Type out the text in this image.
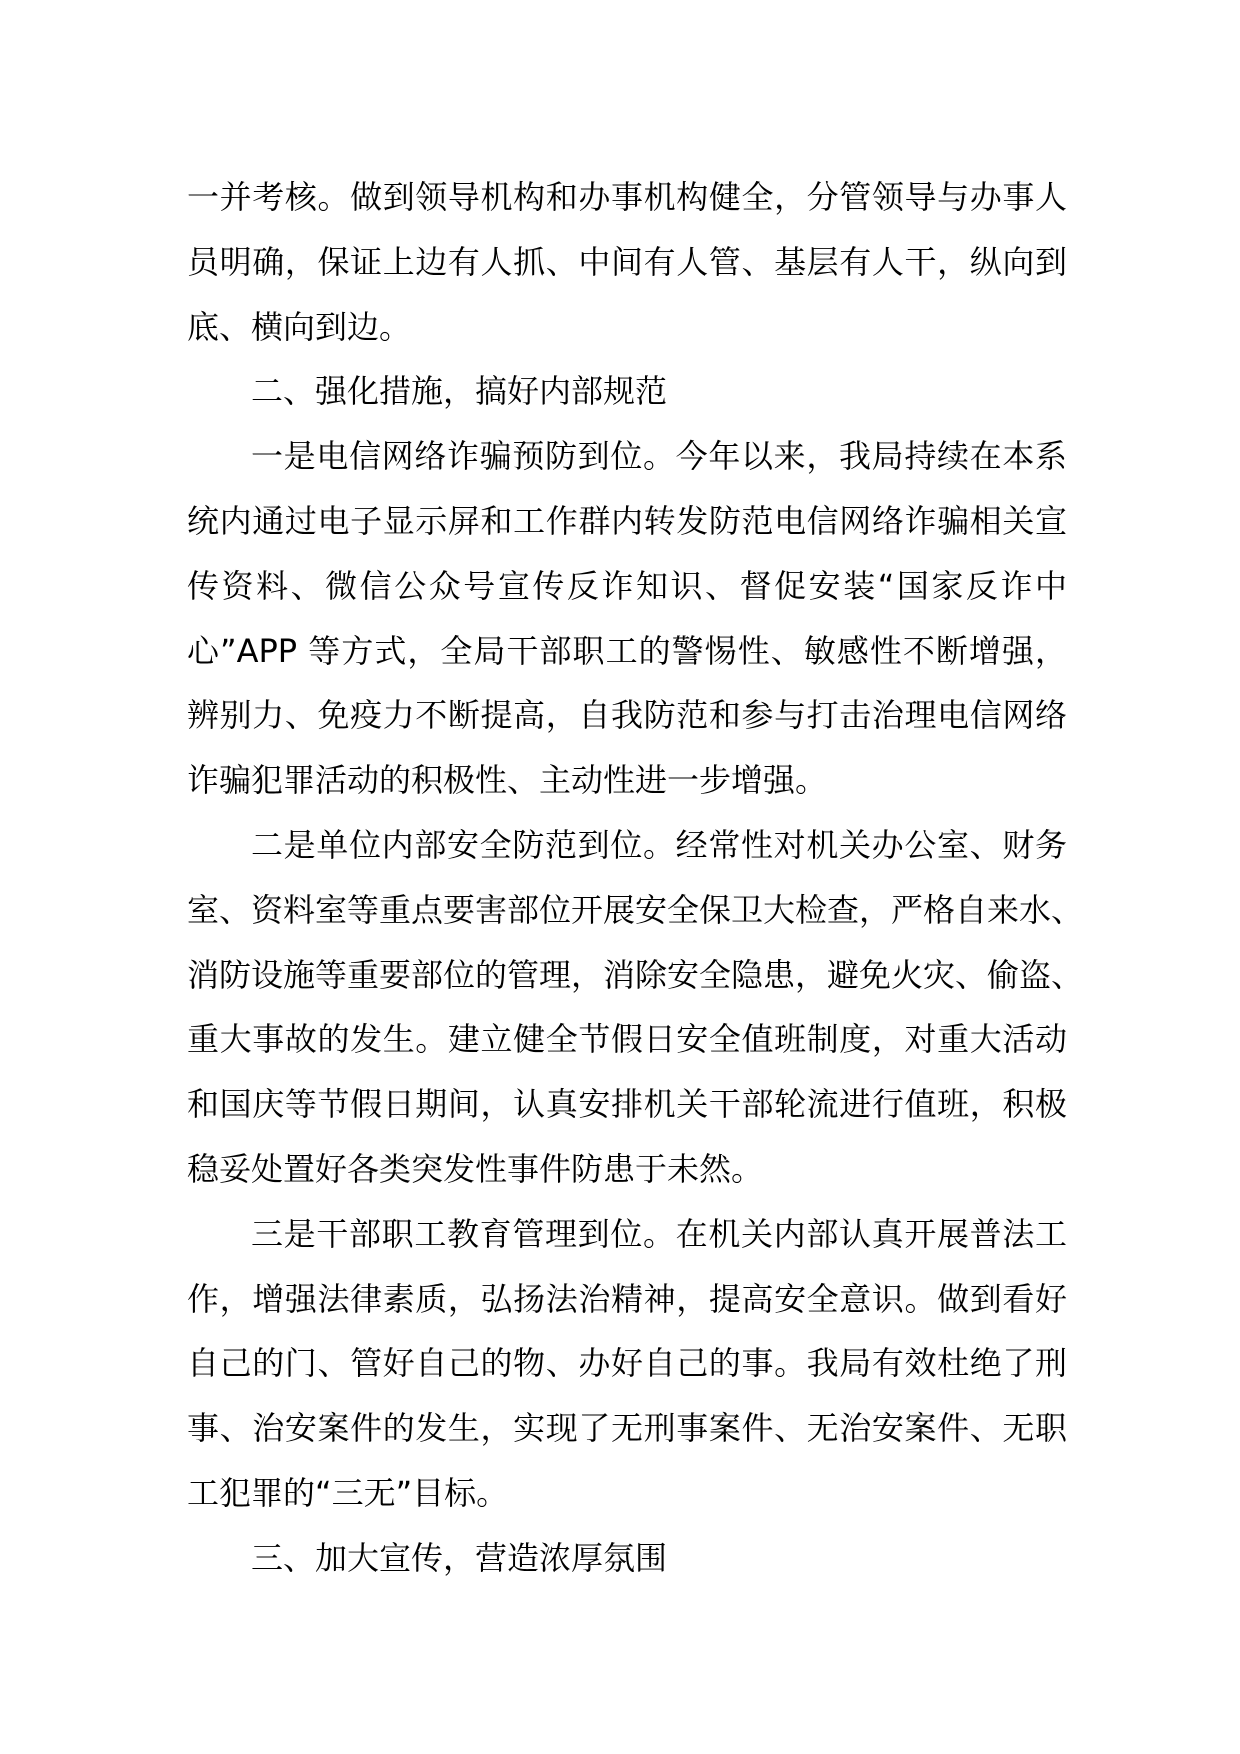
一并考核。做到领导机构和办事机构健全，分管领导与办事人
员明确，保证上边有人抓、中间有人管、基层有人干，纵向到
底、横向到边。
二、强化措施，搞好内部规范
一是电信网络诈骗预防到位。今年以来，我局持续在本系
统内通过电子显示屏和工作群内转发防范电信网络诈骗相关宣
传资料、微信公众号宣传反诈知识、督促安装“国家反诈中
心”APP 等方式，全局干部职工的警惕性、敏感性不断增强，
辨别力、免疫力不断提高，自我防范和参与打击治理电信网络
诈骗犯罪活动的积极性、主动性进一步增强。
二是单位内部安全防范到位。经常性对机关办公室、财务
室、资料室等重点要害部位开展安全保卫大检查，严格自来水、
消防设施等重要部位的管理，消除安全隐患，避免火灾、偷盗、
重大事故的发生。建立健全节假日安全值班制度，对重大活动
和国庆等节假日期间，认真安排机关干部轮流进行值班，积极
稳妥处置好各类突发性事件防患于未然。
三是干部职工教育管理到位。在机关内部认真开展普法工
作，增强法律素质，弘扬法治精神，提高安全意识。做到看好
自己的门、管好自己的物、办好自己的事。我局有效杜绝了刑
事、治安案件的发生，实现了无刑事案件、无治安案件、无职
工犯罪的“三无”目标。
三、加大宣传，营造浓厚氛围
